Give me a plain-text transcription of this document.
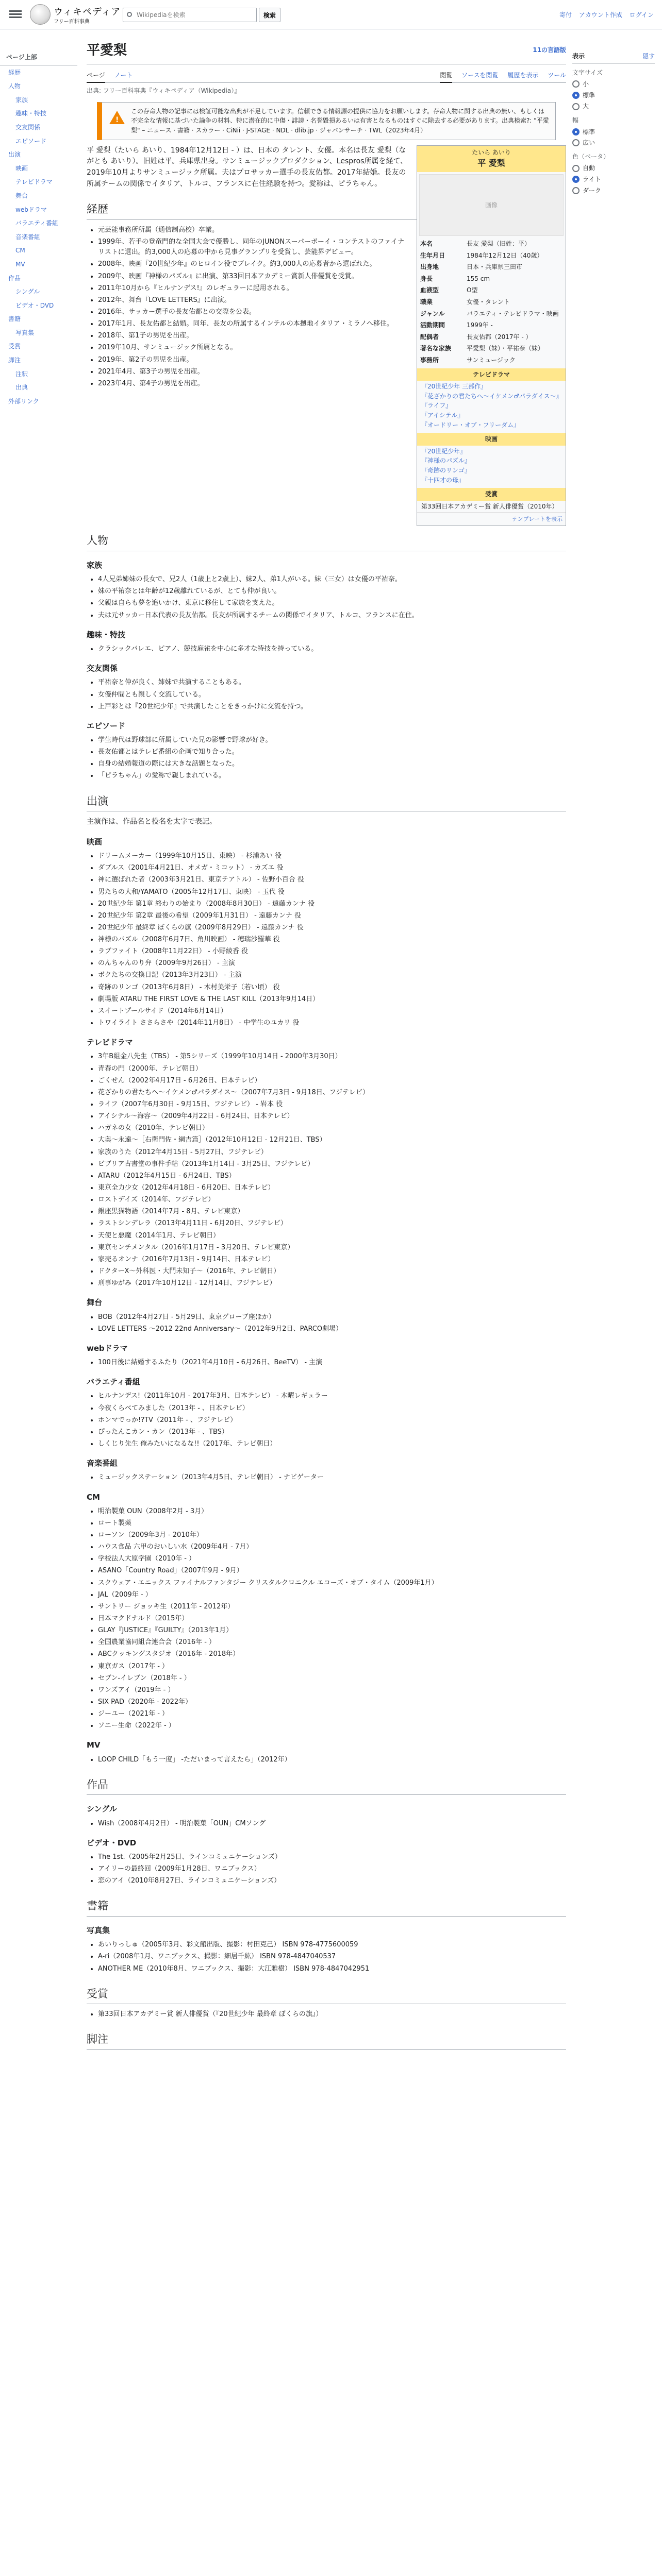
ウィキペディア
フリー百科事典
Wikipediaを検索
検索	寄付 アカウント作成 ログイン
ページ上部
経歴
人物
家族
趣味・特技
交友関係
エピソード
出演
映画
テレビドラマ
舞台
webドラマ
バラエティ番組
音楽番組
CM
MV
作品
シングル
ビデオ・DVD
書籍
写真集
受賞
脚注
注釈
出典
外部リンク
表示	隠す
文字サイズ
小
標準
大
幅
標準
広い
色（ベータ）
自動
ライト
ダーク
平愛梨	11の言語版
ページ ノート	閲覧 ソースを閲覧 履歴を表示 ツール
出典: フリー百科事典『ウィキペディア（Wikipedia）』
!
この存命人物の記事には検証可能な出典が不足しています。信頼できる情報源の提供に協力をお願いします。存命人物に関する出典の無い、もしくは不完全な情報に基づいた論争の材料、特に潜在的に中傷・誹謗・名誉毀損あるいは有害となるものはすぐに除去する必要があります。出典検索?: "平愛梨" – ニュース · 書籍 · スカラー · CiNii · J-STAGE · NDL · dlib.jp · ジャパンサーチ · TWL（2023年4月）
たいら あいり
平 愛梨
画像
本名	長友 愛梨（旧姓：平）
生年月日	1984年12月12日（40歳）
出身地	日本・兵庫県三田市
身長	155 cm
血液型	O型
職業	女優・タレント
ジャンル	バラエティ・テレビドラマ・映画
活動期間	1999年 -
配偶者	長友佑都（2017年 - ）
著名な家族	平愛梨（妹）・平祐奈（妹）
事務所	サンミュージック
テレビドラマ
『20世紀少年 三部作』
『花ざかりの君たちへ～イケメン♂パラダイス～』
『ライフ』
『アイシテル』
『オードリー・オブ・フリーダム』
映画
『20世紀少年』
『神様のパズル』
『奇跡のリンゴ』
『十四才の母』
受賞
第33回日本アカデミー賞 新人俳優賞（2010年）
テンプレートを表示

平 愛梨（たいら あいり、1984年12月12日 - ）は、日本の タレント、女優。本名は長友 愛梨（ながとも あいり）。旧姓は平。兵庫県出身。サンミュージックプロダクション、Lespros所属を経て、2019年10月よりサンミュージック所属。夫はプロサッカー選手の長友佑都。2017年結婚。長友の所属チームの関係でイタリア、トルコ、フランスに在住経験を持つ。愛称は、ピラちゃん。

経歴
• 元芸能事務所所属（通信制高校）卒業。
• 1999年、若手の登竜門的な全国大会で優勝し、同年のJUNONスーパーボーイ・コンテストのファイナリストに選出。約3,000人の応募の中から見事グランプリを受賞し、芸能界デビュー。
• 2008年、映画『20世紀少年』のヒロイン役でブレイク。約3,000人の応募者から選ばれた。
• 2009年、映画『神様のパズル』に出演、第33回日本アカデミー賞新人俳優賞を受賞。
• 2011年10月から『ヒルナンデス!』のレギュラーに起用される。
• 2012年、舞台『LOVE LETTERS』に出演。
• 2016年、サッカー選手の長友佑都との交際を公表。
• 2017年1月、長友佑都と結婚。同年、長友の所属するインテルの本拠地イタリア・ミラノへ移住。
• 2018年、第1子の男児を出産。
• 2019年10月、サンミュージック所属となる。
• 2019年、第2子の男児を出産。
• 2021年4月、第3子の男児を出産。
• 2023年4月、第4子の男児を出産。
人物
家族
• 4人兄弟姉妹の長女で、兄2人（1歳上と2歳上）、妹2人、弟1人がいる。妹（三女）は女優の平祐奈。
• 妹の平祐奈とは年齢が12歳離れているが、とても仲が良い。
• 父親は自らも夢を追いかけ、東京に移住して家族を支えた。
• 夫は元サッカー日本代表の長友佑都。長友が所属するチームの関係でイタリア、トルコ、フランスに在住。
趣味・特技
• クラシックバレエ、ピアノ、競技麻雀を中心に多才な特技を持っている。
交友関係
• 平祐奈と仲が良く、姉妹で共演することもある。
• 女優仲間とも親しく交流している。
• 上戸彩とは『20世紀少年』で共演したことをきっかけに交流を持つ。
エピソード
• 学生時代は野球部に所属していた兄の影響で野球が好き。
• 長友佑都とはテレビ番組の企画で知り合った。
• 自身の結婚報道の際には大きな話題となった。
• 「ピラちゃん」の愛称で親しまれている。
出演

主演作は、作品名と役名を太字で表記。

映画
• ドリームメーカー（1999年10月15日、東映） - 杉浦あい 役
• ダブルス（2001年4月21日、オメガ・ミコット） - カズエ 役
• 神に選ばれた者（2003年3月21日、東京テアトル） - 佐野小百合 役
• 男たちの大和/YAMATO（2005年12月17日、東映） - 玉代 役
• 20世紀少年 第1章 終わりの始まり（2008年8月30日） - 遠藤カンナ 役
• 20世紀少年 第2章 最後の希望（2009年1月31日） - 遠藤カンナ 役
• 20世紀少年 最終章 ぼくらの旗（2009年8月29日） - 遠藤カンナ 役
• 神様のパズル（2008年6月7日、角川映画） - 穂瑞沙羅華 役
• ラブファイト（2008年11月22日） - 小野綾香 役
• のんちゃんのり弁（2009年9月26日） - 主演
• ボクたちの交換日記（2013年3月23日） - 主演
• 奇跡のリンゴ（2013年6月8日） - 木村美栄子（若い頃） 役
• 劇場版 ATARU THE FIRST LOVE & THE LAST KILL（2013年9月14日）
• スイートプールサイド（2014年6月14日）
• トワイライト ささらさや（2014年11月8日） - 中学生のユカリ 役
テレビドラマ
• 3年B組金八先生（TBS） - 第5シリーズ（1999年10月14日 - 2000年3月30日）
• 青春の門（2000年、テレビ朝日）
• ごくせん（2002年4月17日 - 6月26日、日本テレビ）
• 花ざかりの君たちへ～イケメン♂パラダイス～（2007年7月3日 - 9月18日、フジテレビ）
• ライフ（2007年6月30日 - 9月15日、フジテレビ） - 岩本 役
• アイシテル～海容～（2009年4月22日 - 6月24日、日本テレビ）
• ハガネの女（2010年、テレビ朝日）
• 大奥～永遠～［右衛門佐・綱吉篇］（2012年10月12日 - 12月21日、TBS）
• 家族のうた（2012年4月15日 - 5月27日、フジテレビ）
• ビブリア古書堂の事件手帖（2013年1月14日 - 3月25日、フジテレビ）
• ATARU（2012年4月15日 - 6月24日、TBS）
• 東京全力少女（2012年4月18日 - 6月20日、日本テレビ）
• ロストデイズ（2014年、フジテレビ）
• 銀座黒猫物語（2014年7月 - 8月、テレビ東京）
• ラストシンデレラ（2013年4月11日 - 6月20日、フジテレビ）
• 天使と悪魔（2014年1月、テレビ朝日）
• 東京センチメンタル（2016年1月17日 - 3月20日、テレビ東京）
• 家売るオンナ（2016年7月13日 - 9月14日、日本テレビ）
• ドクターX～外科医・大門未知子～（2016年、テレビ朝日）
• 刑事ゆがみ（2017年10月12日 - 12月14日、フジテレビ）
舞台
• BOB（2012年4月27日 - 5月29日、東京グローブ座ほか）
• LOVE LETTERS ～2012 22nd Anniversary～（2012年9月2日、PARCO劇場）
webドラマ
• 100日後に結婚するふたり（2021年4月10日 - 6月26日、BeeTV） - 主演
バラエティ番組
• ヒルナンデス!（2011年10月 - 2017年3月、日本テレビ） - 木曜レギュラー
• 今夜くらべてみました（2013年 - 、日本テレビ）
• ホンマでっか!?TV（2011年 - 、フジテレビ）
• ぴったんこカン・カン（2013年 - 、TBS）
• しくじり先生 俺みたいになるな!!（2017年、テレビ朝日）
音楽番組
• ミュージックステーション（2013年4月5日、テレビ朝日） - ナビゲーター
CM
• 明治製菓 OUN（2008年2月 - 3月）
• ロート製薬
• ローソン（2009年3月 - 2010年）
• ハウス食品 六甲のおいしい水（2009年4月 - 7月）
• 学校法人大原学園（2010年 - ）
• ASANO「Country Road」（2007年9月 - 9月）
• スクウェア・エニックス ファイナルファンタジー クリスタルクロニクル エコーズ・オブ・タイム（2009年1月）
• JAL（2009年 - ）
• サントリー ジョッキ生（2011年 - 2012年）
• 日本マクドナルド（2015年）
• GLAY『JUSTICE』『GUILTY』（2013年1月）
• 全国農業協同組合連合会（2016年 - ）
• ABCクッキングスタジオ（2016年 - 2018年）
• 東京ガス（2017年 - ）
• セブン-イレブン（2018年 - ）
• ワンズアイ（2019年 - ）
• SIX PAD（2020年 - 2022年）
• ジーユー（2021年 - ）
• ソニー生命（2022年 - ）
MV
• LOOP CHILD「もう一度」 -ただいまって言えたら」（2012年）
作品
シングル
• Wish（2008年4月2日） - 明治製菓「OUN」CMソング
ビデオ・DVD
• The 1st.（2005年2月25日、ラインコミュニケーションズ）
• アイリーの最終回（2009年1月28日、ワニブックス）
• 恋のアイ（2010年8月27日、ラインコミュニケーションズ）
書籍
写真集
• あいりっしゅ（2005年3月、彩文館出版、撮影：村田克己） ISBN 978-4775600059
• A-ri（2008年1月、ワニブックス、撮影：細居千紘） ISBN 978-4847040537
• ANOTHER ME（2010年8月、ワニブックス、撮影：大江雅樹） ISBN 978-4847042951
受賞
• 第33回日本アカデミー賞 新人俳優賞（『20世紀少年 最終章 ぼくらの旗』）
脚注
